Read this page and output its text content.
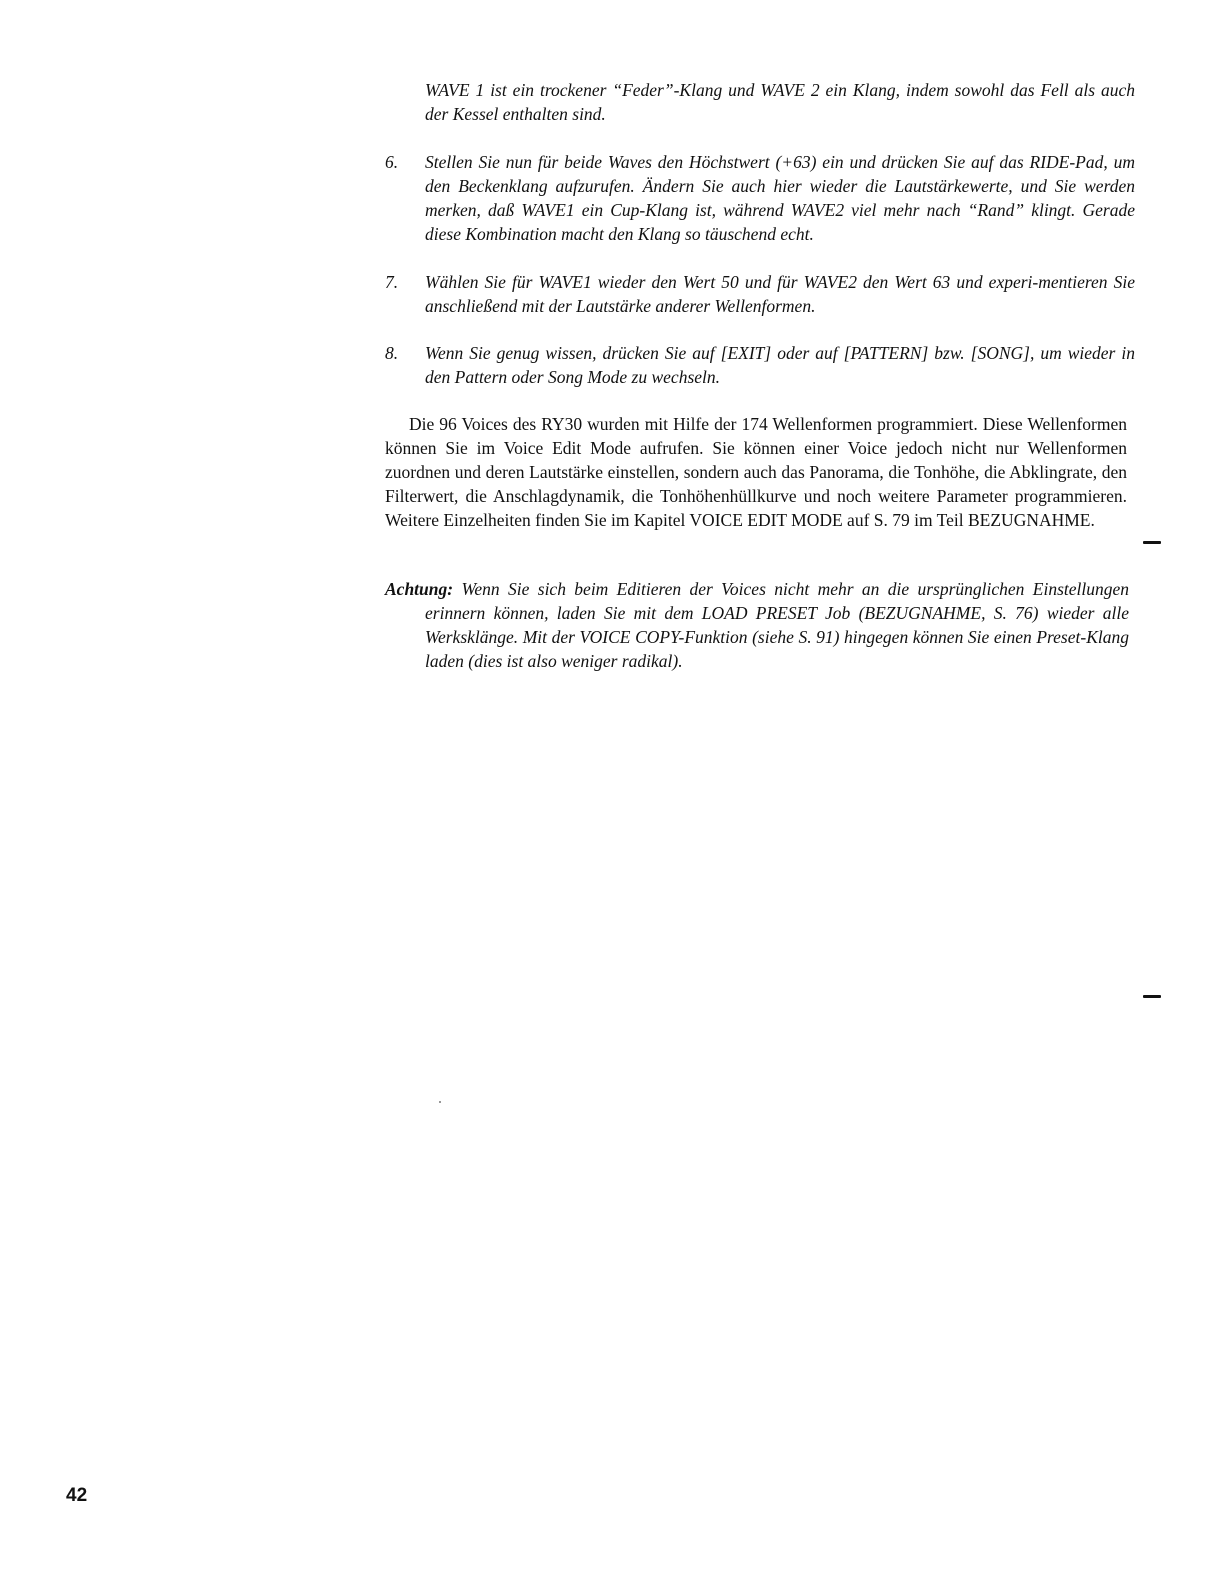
WAVE 1 ist ein trockener “Feder”-Klang und WAVE 2 ein Klang, indem sowohl das Fell als auch der Kessel enthalten sind.

6.	Stellen Sie nun für beide Waves den Höchstwert (+63) ein und drücken Sie auf das RIDE-Pad, um den Beckenklang aufzurufen. Ändern Sie auch hier wieder die Lautstärkewerte, und Sie werden merken, daß WAVE1 ein Cup-Klang ist, während WAVE2 viel mehr nach “Rand” klingt. Gerade diese Kombination macht den Klang so täuschend echt.

7.	Wählen Sie für WAVE1 wieder den Wert 50 und für WAVE2 den Wert 63 und experi-mentieren Sie anschließend mit der Lautstärke anderer Wellenformen.

8.	Wenn Sie genug wissen, drücken Sie auf [EXIT] oder auf [PATTERN] bzw. [SONG], um wieder in den Pattern oder Song Mode zu wechseln.

Die 96 Voices des RY30 wurden mit Hilfe der 174 Wellenformen programmiert. Diese Wellenformen können Sie im Voice Edit Mode aufrufen. Sie können einer Voice jedoch nicht nur Wellenformen zuordnen und deren Lautstärke einstellen, sondern auch das Panorama, die Tonhöhe, die Abklingrate, den Filterwert, die Anschlagdynamik, die Tonhöhenhüllkurve und noch weitere Parameter programmieren. Weitere Einzelheiten finden Sie im Kapitel VOICE EDIT MODE auf S. 79 im Teil BEZUGNAHME.

Achtung: Wenn Sie sich beim Editieren der Voices nicht mehr an die ursprünglichen Einstellungen erinnern können, laden Sie mit dem LOAD PRESET Job (BEZUGNAHME, S. 76) wieder alle Werksklänge. Mit der VOICE COPY-Funktion (siehe S. 91) hingegen können Sie einen Preset-Klang laden (dies ist also weniger radikal).

42
